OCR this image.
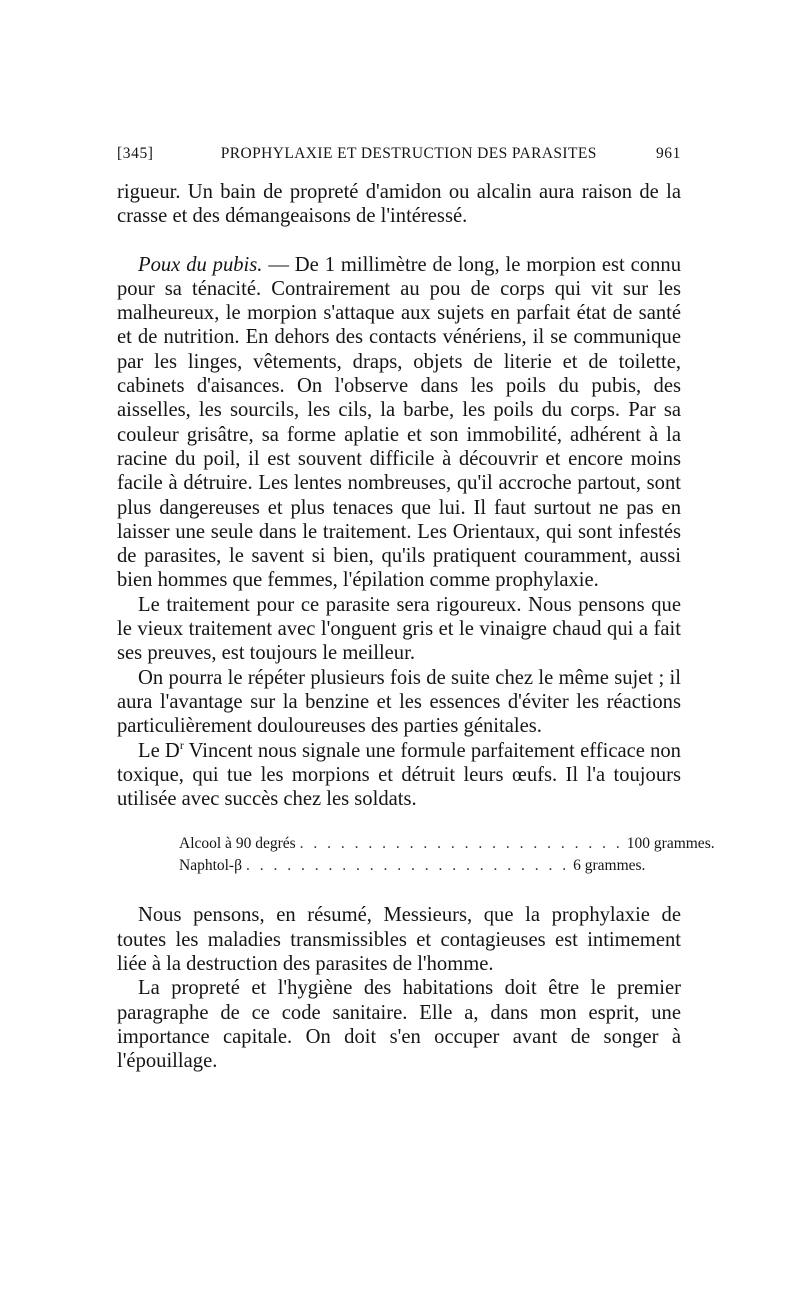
[345]	PROPHYLAXIE ET DESTRUCTION DES PARASITES	961

rigueur. Un bain de propreté d'amidon ou alcalin aura raison de la crasse et des démangeaisons de l'intéressé.

Poux du pubis. — De 1 millimètre de long, le morpion est connu pour sa ténacité. Contrairement au pou de corps qui vit sur les malheureux, le morpion s'attaque aux sujets en parfait état de santé et de nutrition. En dehors des contacts vénériens, il se communique par les linges, vêtements, draps, objets de literie et de toilette, cabinets d'aisances. On l'observe dans les poils du pubis, des aisselles, les sourcils, les cils, la barbe, les poils du corps. Par sa couleur grisâtre, sa forme aplatie et son immobilité, adhérent à la racine du poil, il est souvent difficile à découvrir et encore moins facile à détruire. Les lentes nombreuses, qu'il accroche partout, sont plus dangereuses et plus tenaces que lui. Il faut surtout ne pas en laisser une seule dans le traitement. Les Orientaux, qui sont infestés de parasites, le savent si bien, qu'ils pratiquent couramment, aussi bien hommes que femmes, l'épilation comme prophylaxie.

Le traitement pour ce parasite sera rigoureux. Nous pensons que le vieux traitement avec l'onguent gris et le vinaigre chaud qui a fait ses preuves, est toujours le meilleur.

On pourra le répéter plusieurs fois de suite chez le même sujet ; il aura l'avantage sur la benzine et les essences d'éviter les réactions particulièrement douloureuses des parties génitales.

Le $D^r$ Vincent nous signale une formule parfaitement efficace non toxique, qui tue les morpions et détruit leurs œufs. Il l'a toujours utilisée avec succès chez les soldats.

Alcool à 90 degrés . . . . . . . . . . . . . . . . . . . . . . . . 100 grammes.
Naphtol-β . . . . . . . . . . . . . . . . . . . . . . . . 6 grammes.

Nous pensons, en résumé, Messieurs, que la prophylaxie de toutes les maladies transmissibles et contagieuses est intimement liée à la destruction des parasites de l'homme.

La propreté et l'hygiène des habitations doit être le premier paragraphe de ce code sanitaire. Elle a, dans mon esprit, une importance capitale. On doit s'en occuper avant de songer à l'épouillage.
